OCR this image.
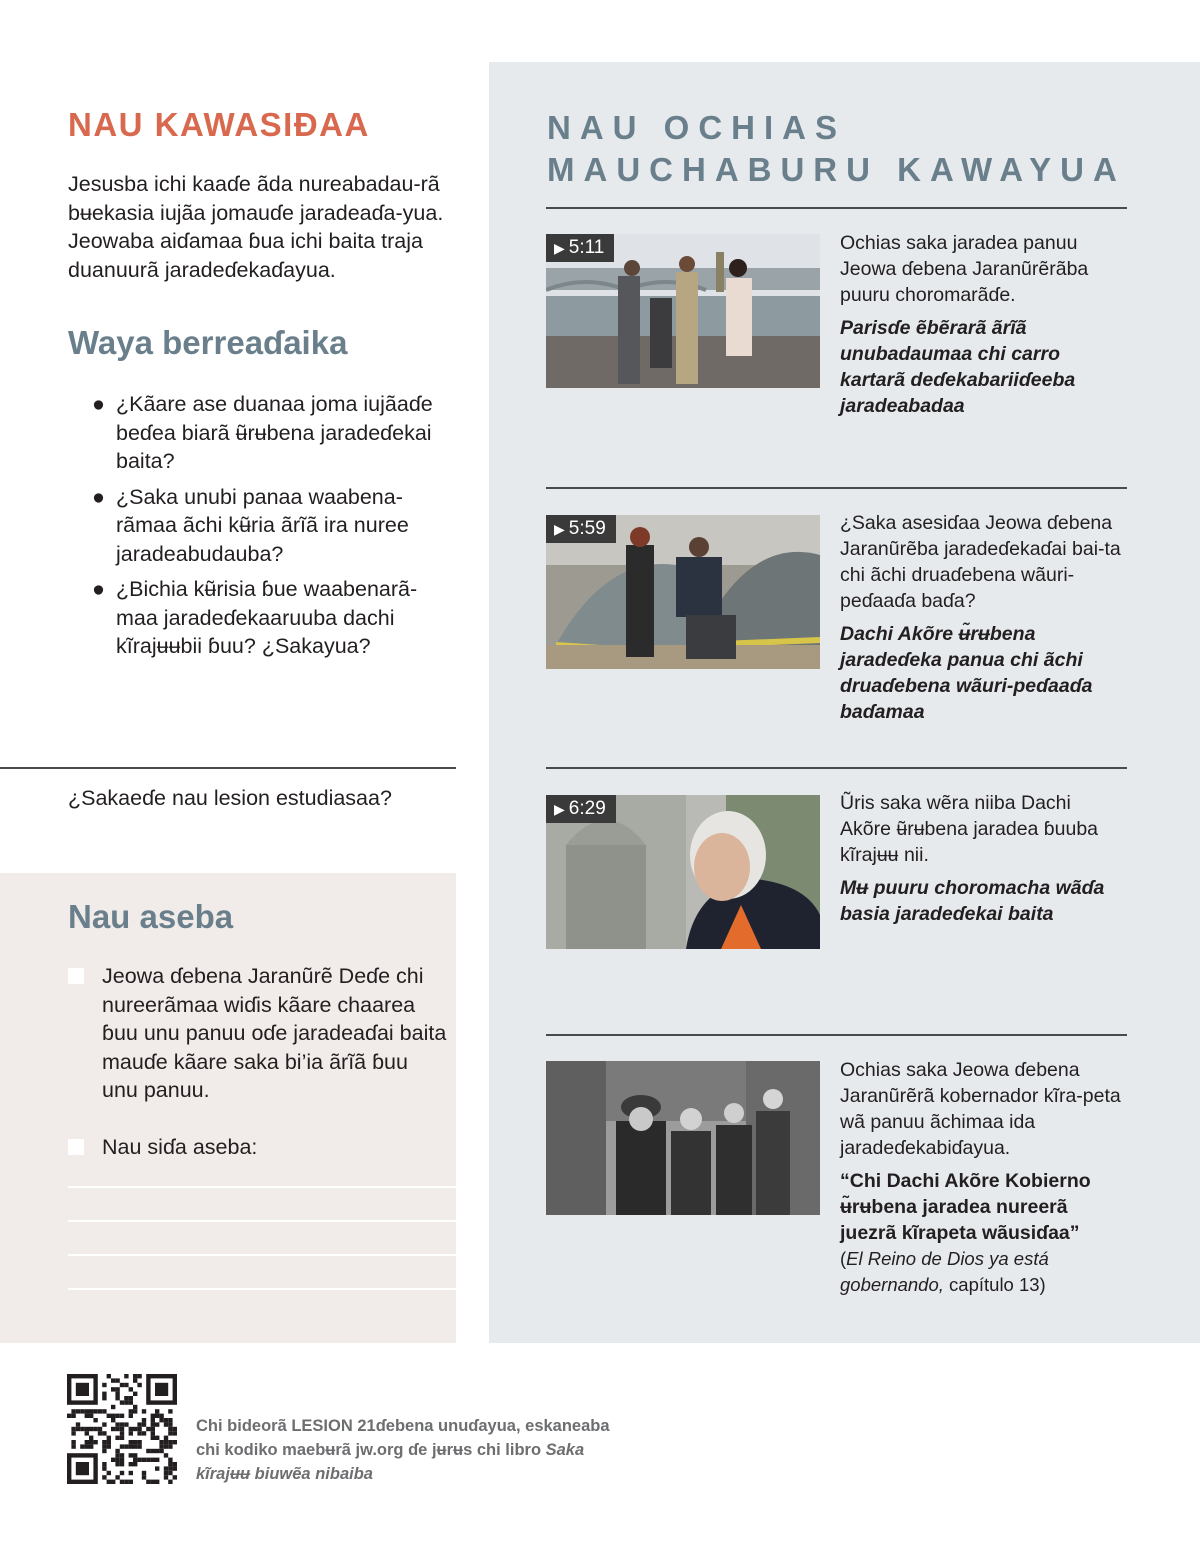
NAU KAWASIƉAA

Jesusba ichi kaaɗe ãda nureabadau-rã bʉekasia iujãa jomauɗe jaradeaɗa-yua. Jeowaba aiɗamaa ɓua ichi baita traja duanuurã jaradeɗekaɗayua.

Waya berreaɗaika
● ¿Kãare ase duanaa joma iujãaɗe beɗea biarã ʉ̃rʉbena jaradeɗekai baita?
● ¿Saka unubi panaa waabena-rãmaa ãchi kʉ̃ria ãrĩã ira nuree jaradeabudauba?
● ¿Bichia kʉ̃risia ɓue waabenarã-maa jaradeɗekaaruuba dachi kĩrajʉʉbii ɓuu? ¿Sakayua?

¿Sakaeɗe nau lesion estudiasaa?

Nau aseba
Jeowa ɗebena Jaranũrẽ Deɗe chi nureerãmaa wiɗis kãare chaarea ɓuu unu panuu oɗe jaradeaɗai baita mauɗe kãare saka bi’ia ãrĩã ɓuu unu panuu.
Nau siɗa aseba:
NAU OCHIAS MAUCHABURU KAWAYUA
▶ 5:11	Ochias saka jaradea panuu Jeowa ɗebena Jaranũrẽrãba puuru choromarãɗe.
Parisɗe ẽbẽrarã ãrĩã unubadaumaa chi carro kartarã deɗekabariiɗeeba jaradeabadaa
▶ 5:59	¿Saka asesiɗaa Jeowa ɗebena Jaranũrẽba jaradeɗekaɗai bai-ta chi ãchi druaɗebena wãuri-peɗaaɗa baɗa?
Dachi Akõre ʉ̃rʉbena jaradeɗeka panua chi ãchi druaɗebena wãuri-peɗaaɗa baɗamaa
▶ 6:29	Ũris saka wẽra niiba Dachi Akõre ʉ̃rʉbena jaradea ɓuuba kĩrajʉʉ nii.
Mʉ puuru choromacha wãɗa basia jaradeɗekai baita
Ochias saka Jeowa ɗebena Jaranũrẽrã kobernador kĩra-peta wã panuu ãchimaa ida jaradeɗekabiɗayua.
“Chi Dachi Akõre Kobierno ʉ̃rʉbena jaradea nureerã juezrã kĩrapeta wãusiɗaa”
(El Reino de Dios ya está gobernando, capítulo 13)

Chi bideorã LESION 21ɗebena unuɗayua, eskaneaba chi kodiko maebʉrã jw.org ɗe jʉrʉs chi libro Saka kĩrajʉʉ biuwẽa nibaiba
